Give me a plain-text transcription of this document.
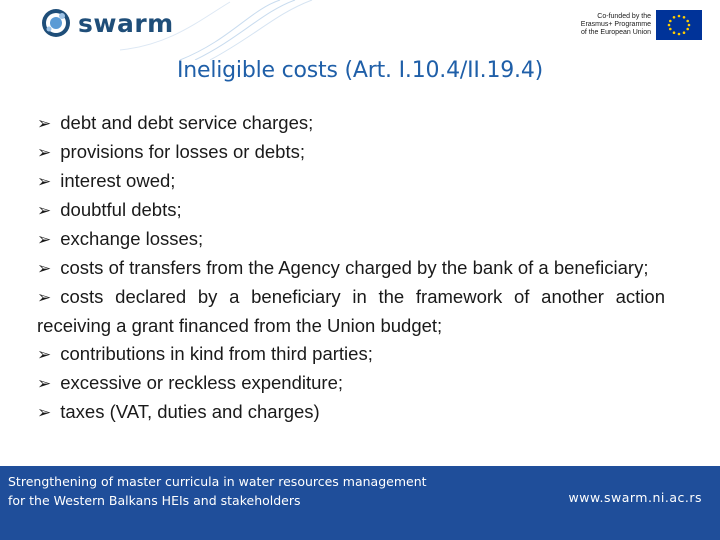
swarm	Co-funded by the
Erasmus+ Programme
of the European Union
Ineligible costs (Art. I.10.4/II.19.4)
➢ debt and debt service charges;
➢ provisions for losses or debts;
➢ interest owed;
➢ doubtful debts;
➢ exchange losses;
➢ costs of transfers from the Agency charged by the bank of a beneficiary;
➢ costs declared by a beneficiary in the framework of another action receiving a grant financed from the Union budget;
➢ contributions in kind from third parties;
➢ excessive or reckless expenditure;
➢ taxes (VAT, duties and charges)
Strengthening of master curricula in water resources management
for the Western Balkans HEIs and stakeholders	www.swarm.ni.ac.rs
